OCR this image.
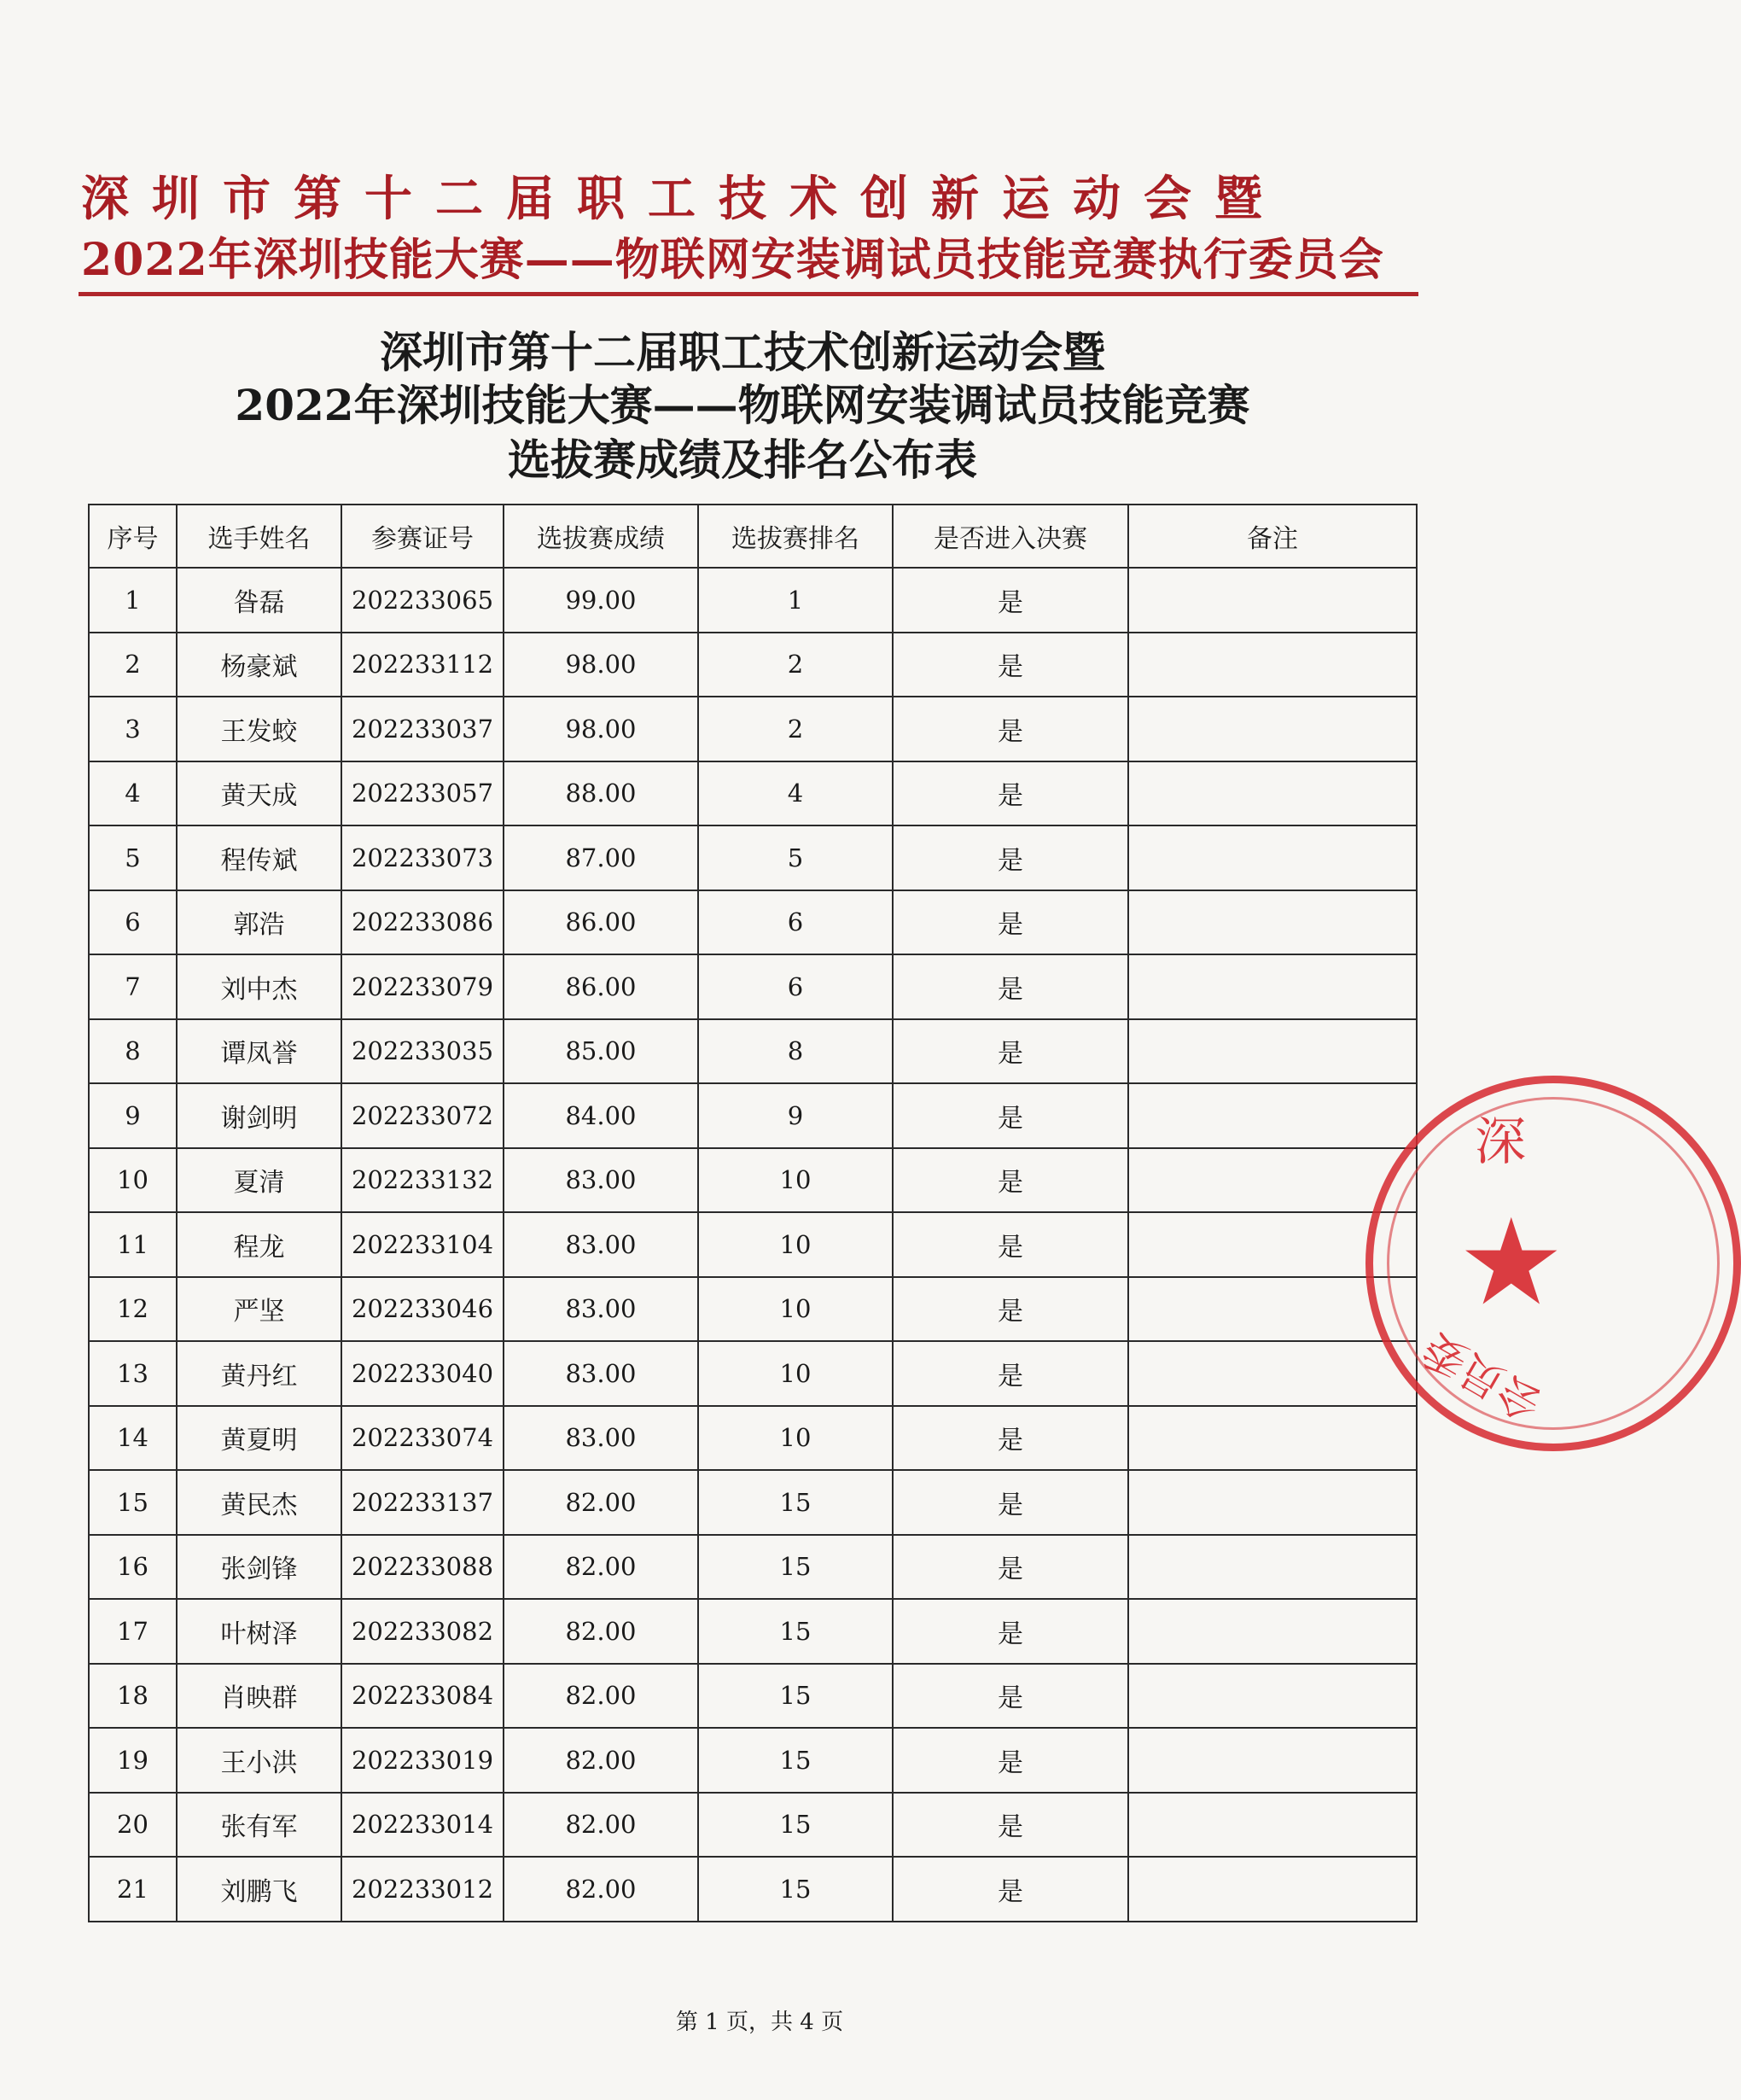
深圳市第十二届职工技术创新运动会暨
2022年深圳技能大赛——物联网安装调试员技能竞赛执行委员会
深圳市第十二届职工技术创新运动会暨
2022年深圳技能大赛——物联网安装调试员技能竞赛
选拔赛成绩及排名公布表
序号	选手姓名	参赛证号	选拔赛成绩	选拔赛排名	是否进入决赛	备注
1	昝磊	202233065	99.00	1	是	
2	杨豪斌	202233112	98.00	2	是	
3	王发蛟	202233037	98.00	2	是	
4	黄天成	202233057	88.00	4	是	
5	程传斌	202233073	87.00	5	是	
6	郭浩	202233086	86.00	6	是	
7	刘中杰	202233079	86.00	6	是	
8	谭凤誉	202233035	85.00	8	是	
9	谢剑明	202233072	84.00	9	是	
10	夏清	202233132	83.00	10	是	
11	程龙	202233104	83.00	10	是	
12	严坚	202233046	83.00	10	是	
13	黄丹红	202233040	83.00	10	是	
14	黄夏明	202233074	83.00	10	是	
15	黄民杰	202233137	82.00	15	是	
16	张剑锋	202233088	82.00	15	是	
17	叶树泽	202233082	82.00	15	是	
18	肖映群	202233084	82.00	15	是	
19	王小洪	202233019	82.00	15	是	
20	张有军	202233014	82.00	15	是	
21	刘鹏飞	202233012	82.00	15	是	
第 1 页，共 4 页
★
深
会员委
